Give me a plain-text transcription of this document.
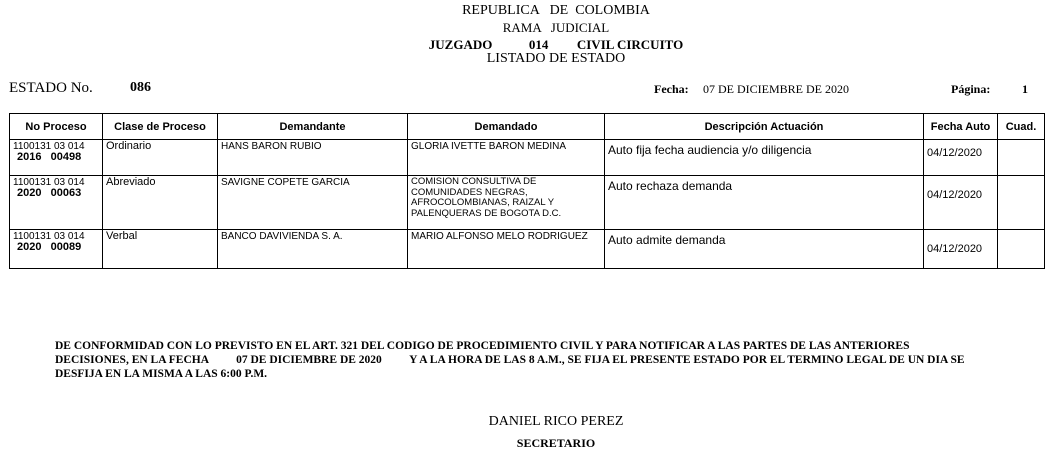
REPUBLICA   DE  COLOMBIA
RAMA   JUDICIAL
JUZGADO	014 CIVIL CIRCUITO
LISTADO DE ESTADO
ESTADO No.	086	Fecha: 07 DE DICIEMBRE DE 2020	Página:	1
No Proceso	Clase de Proceso	Demandante	Demandado	Descripción Actuación	Fecha Auto	Cuad.

1100131 03 014
2016   00498	Ordinario	HANS BARON RUBIO	GLORIA IVETTE BARON MEDINA	Auto fija fecha audiencia y/o diligencia	04/12/2020	

1100131 03 014
2020   00063	Abreviado	SAVIGNE COPETE GARCIA	COMISION CONSULTIVA DE COMUNIDADES NEGRAS, AFROCOLOMBIANAS, RAIZAL Y PALENQUERAS DE BOGOTA D.C.	Auto rechaza demanda	04/12/2020	

1100131 03 014
2020   00089	Verbal	BANCO DAVIVIENDA S. A.	MARIO ALFONSO MELO RODRIGUEZ	Auto admite demanda	04/12/2020	
DE CONFORMIDAD CON LO PREVISTO EN EL ART. 321 DEL CODIGO DE PROCEDIMIENTO CIVIL Y PARA NOTIFICAR A LAS PARTES DE LAS ANTERIORES DECISIONES, EN LA FECHA 07 DE DICIEMBRE DE 2020 Y A LA HORA DE LAS 8 A.M., SE FIJA EL PRESENTE ESTADO POR EL TERMINO LEGAL DE UN DIA SE DESFIJA EN LA MISMA A LAS 6:00 P.M.
DANIEL RICO PEREZ
SECRETARIO
